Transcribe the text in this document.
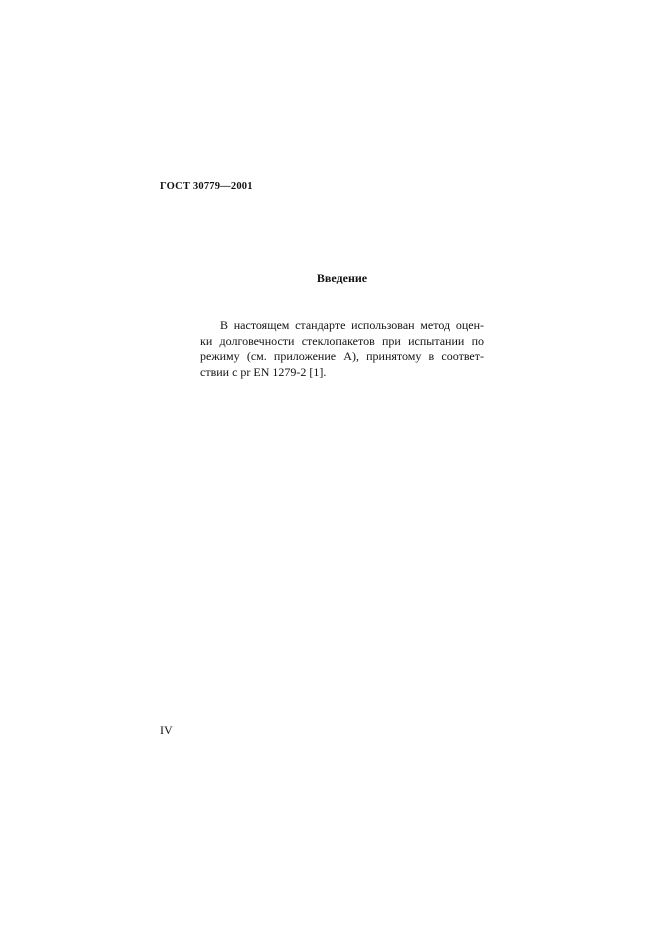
ГОСТ 30779—2001
Введение

В настоящем стандарте использован метод оцен-
ки долговечности стеклопакетов при испытании по
режиму (см. приложение А), принятому в соответ-
ствии с pr EN 1279-2 [1].

IV
